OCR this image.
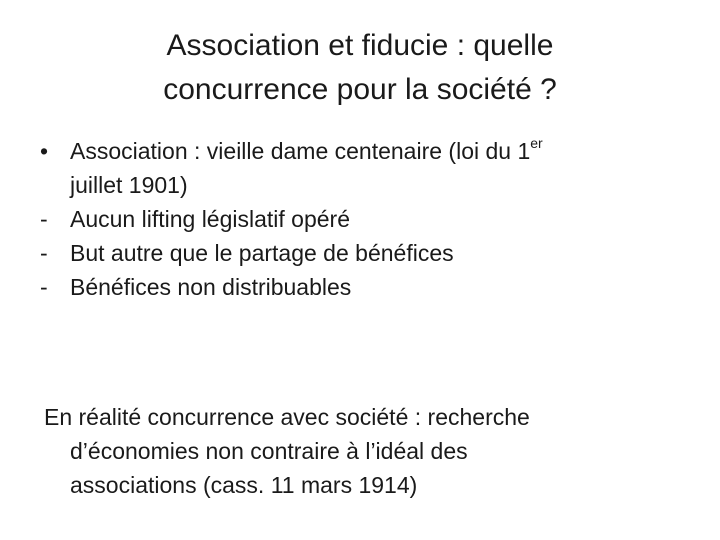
Association et fiducie : quelle
concurrence pour la société ?
• Association : vieille dame centenaire (loi du 1er
juillet 1901)
- Aucun lifting législatif opéré
- But autre que le partage de bénéfices
- Bénéfices non distribuables
En réalité concurrence avec société : recherche
d’économies non contraire à l’idéal des
associations (cass. 11 mars 1914)
